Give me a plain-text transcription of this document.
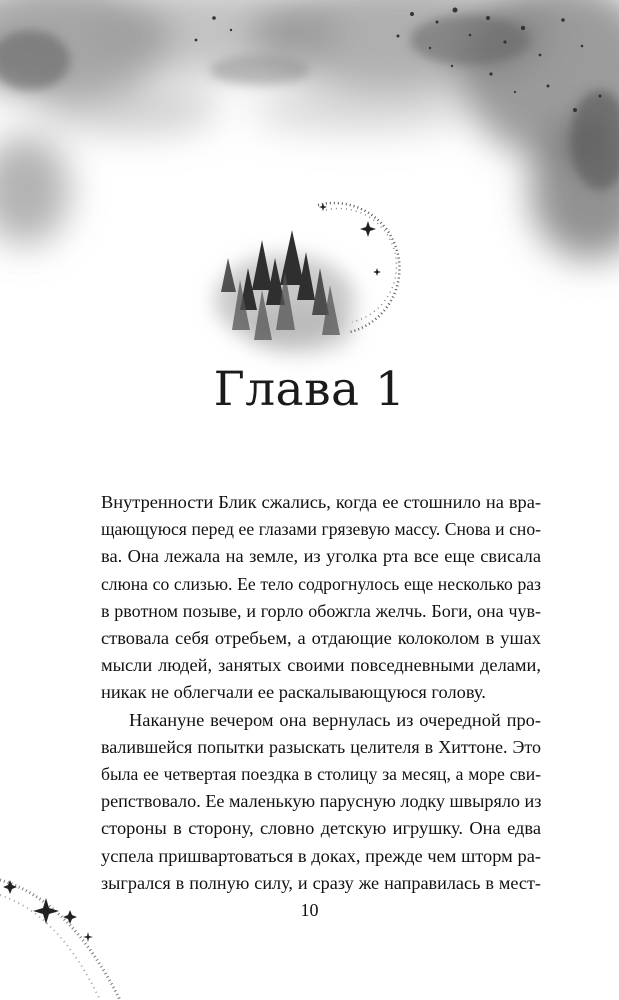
Глава 1
Внутренности Блик сжались, когда ее стошнило на вра-
щающуюся перед ее глазами грязевую массу. Снова и сно-
ва. Она лежала на земле, из уголка рта все еще свисала
слюна со слизью. Ее тело содрогнулось еще несколько раз
в рвотном позыве, и горло обожгла желчь. Боги, она чув-
ствовала себя отребьем, а отдающие колоколом в ушах
мысли людей, занятых своими повседневными делами,
никак не облегчали ее раскалывающуюся голову.
Накануне вечером она вернулась из очередной про-
валившейся попытки разыскать целителя в Хиттоне. Это
была ее четвертая поездка в столицу за месяц, а море сви-
репствовало. Ее маленькую парусную лодку швыряло из
стороны в сторону, словно детскую игрушку. Она едва
успела пришвартоваться в доках, прежде чем шторм ра-
зыгрался в полную силу, и сразу же направилась в мест-
10
